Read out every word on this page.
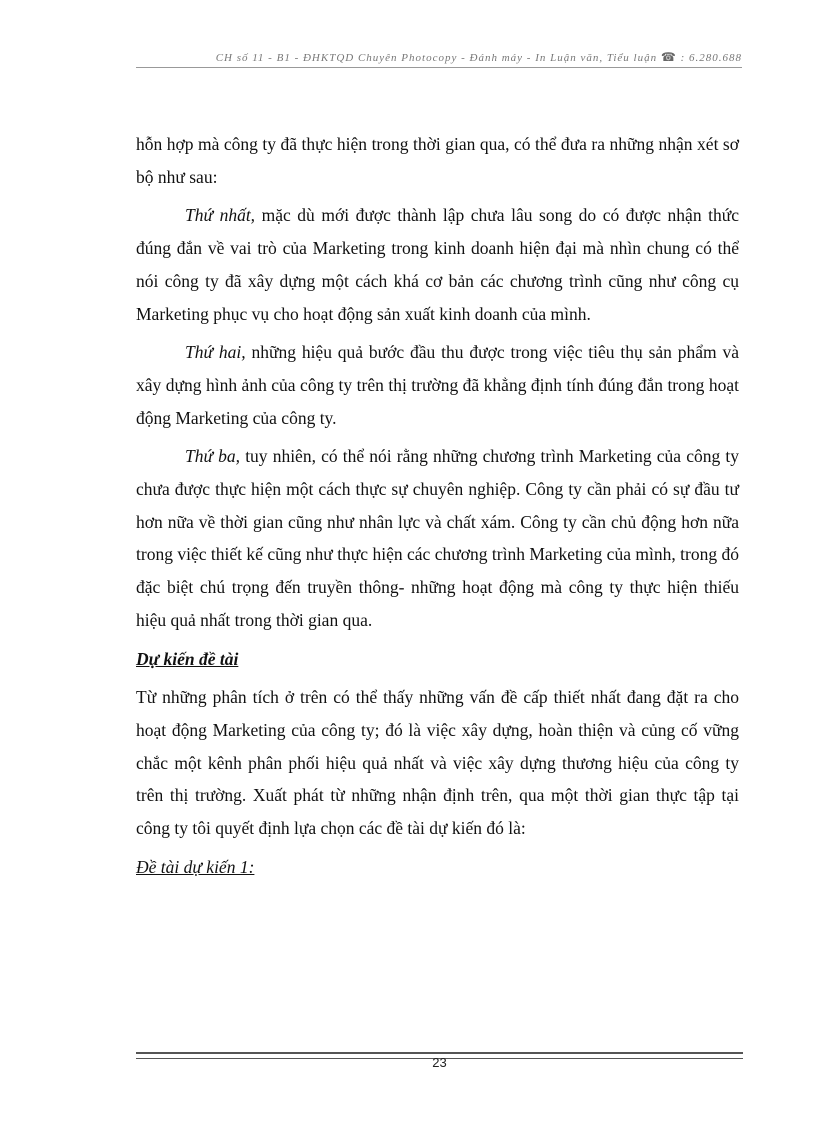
CH số 11 - B1 - ĐHKTQD Chuyên Photocopy - Đánh máy - In Luận văn, Tiểu luận ☎ : 6.280.688

hỗn hợp mà công ty đã thực hiện trong thời gian qua, có thể đưa ra những nhận xét sơ bộ như sau:

Thứ nhất, mặc dù mới được thành lập chưa lâu song do có được nhận thức đúng đắn về vai trò của Marketing trong kinh doanh hiện đại mà nhìn chung có thể nói công ty đã xây dựng một cách khá cơ bản các chương trình cũng như công cụ Marketing phục vụ cho hoạt động sản xuất kinh doanh của mình.

Thứ hai, những hiệu quả bước đầu thu được trong việc tiêu thụ sản phẩm và xây dựng hình ảnh của công ty trên thị trường đã khẳng định tính đúng đắn trong hoạt động Marketing của công ty.

Thứ ba, tuy nhiên, có thể nói rằng những chương trình Marketing của công ty chưa được thực hiện một cách thực sự chuyên nghiệp. Công ty cần phải có sự đầu tư hơn nữa về thời gian cũng như nhân lực và chất xám. Công ty cần chủ động hơn nữa trong việc thiết kế cũng như thực hiện các chương trình Marketing của mình, trong đó đặc biệt chú trọng đến truyền thông- những hoạt động mà công ty thực hiện thiếu hiệu quả nhất trong thời gian qua.

Dự kiến đề tài

Từ những phân tích ở trên có thể thấy những vấn đề cấp thiết nhất đang đặt ra cho hoạt động Marketing của công ty; đó là việc xây dựng, hoàn thiện và củng cố vững chắc một kênh phân phối hiệu quả nhất và việc xây dựng thương hiệu của công ty trên thị trường. Xuất phát từ những nhận định trên, qua một thời gian thực tập tại công ty tôi quyết định lựa chọn các đề tài dự kiến đó là:

Đề tài dự kiến 1:

23
